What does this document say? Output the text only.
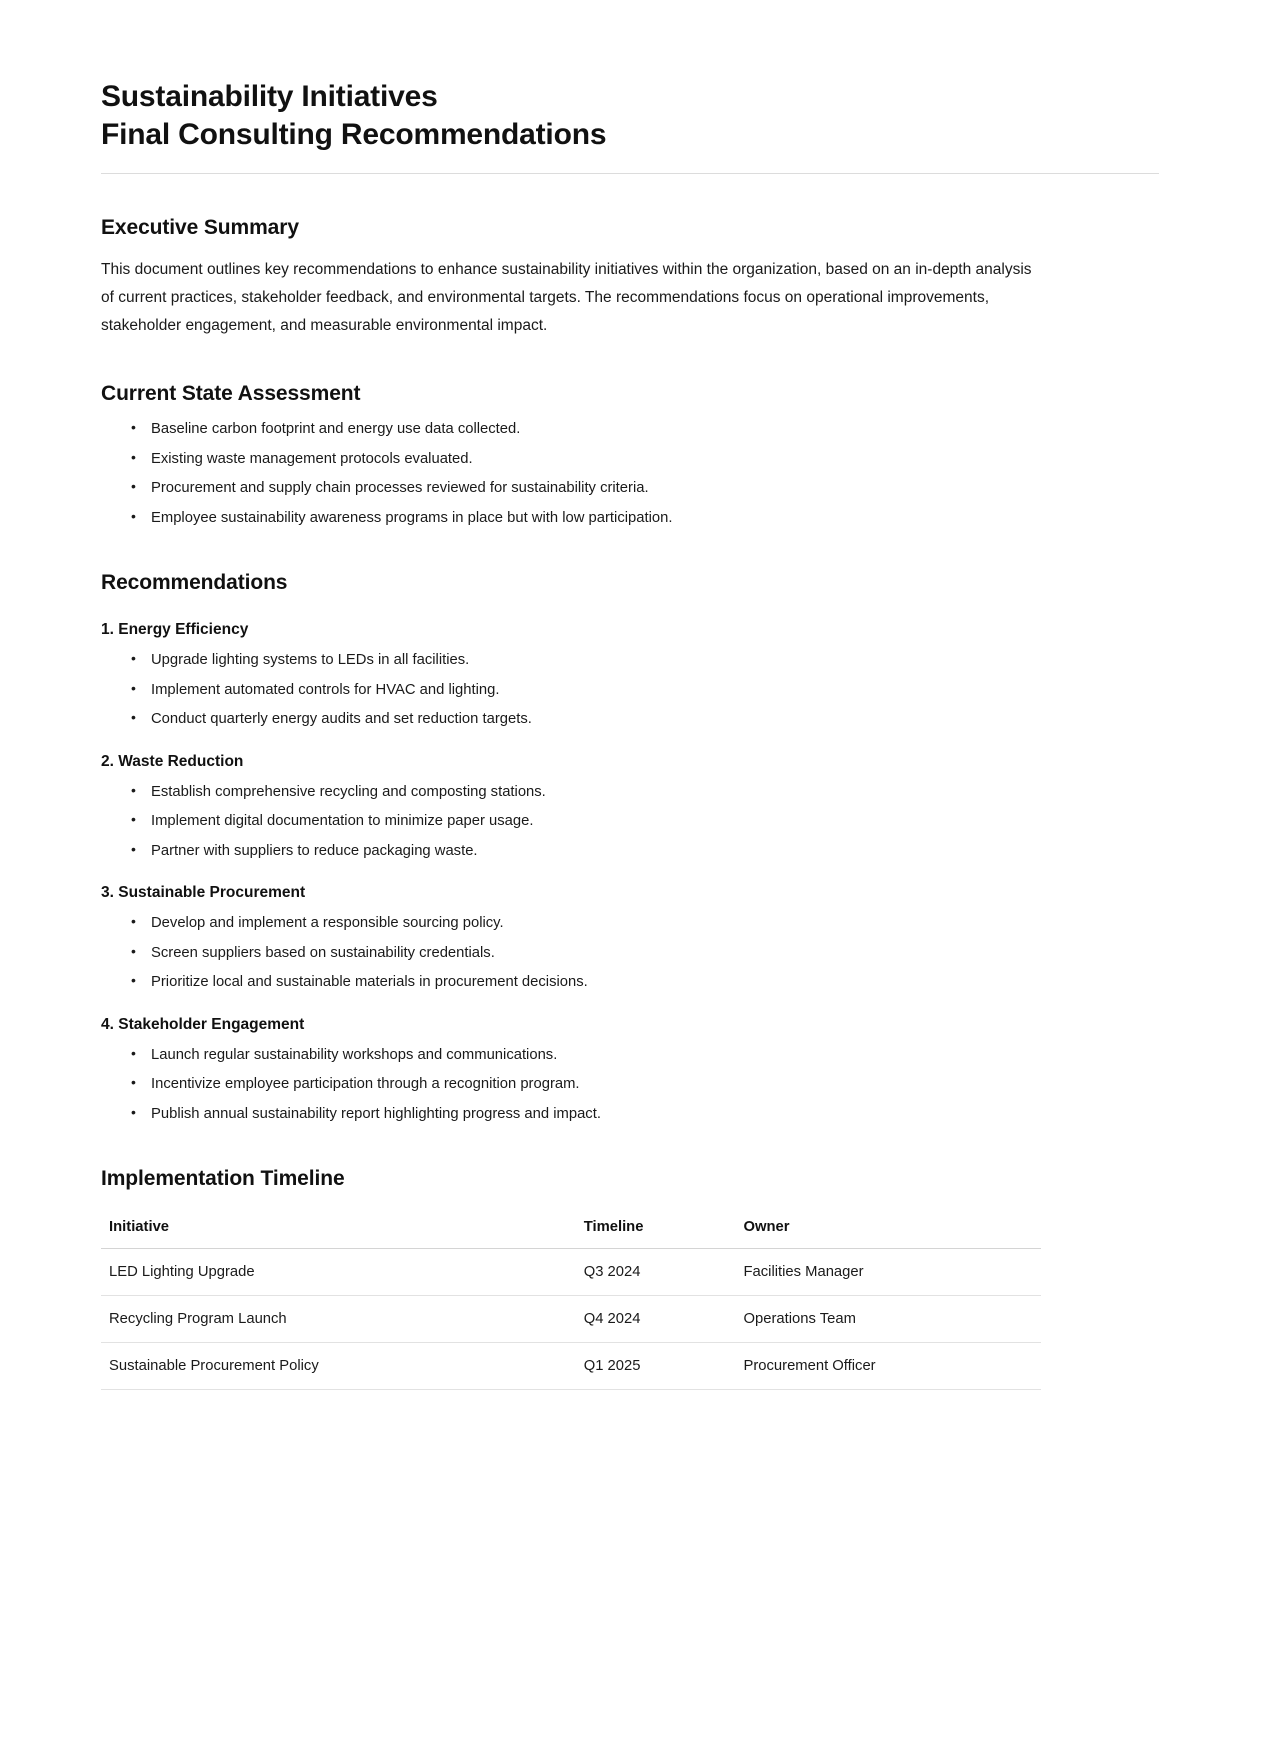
Sustainability Initiatives
Final Consulting Recommendations
Executive Summary

This document outlines key recommendations to enhance sustainability initiatives within the organization, based on an in-depth analysis of current practices, stakeholder feedback, and environmental targets. The recommendations focus on operational improvements, stakeholder engagement, and measurable environmental impact.

Current State Assessment
• Baseline carbon footprint and energy use data collected.
• Existing waste management protocols evaluated.
• Procurement and supply chain processes reviewed for sustainability criteria.
• Employee sustainability awareness programs in place but with low participation.
Recommendations
1. Energy Efficiency
• Upgrade lighting systems to LEDs in all facilities.
• Implement automated controls for HVAC and lighting.
• Conduct quarterly energy audits and set reduction targets.
2. Waste Reduction
• Establish comprehensive recycling and composting stations.
• Implement digital documentation to minimize paper usage.
• Partner with suppliers to reduce packaging waste.
3. Sustainable Procurement
• Develop and implement a responsible sourcing policy.
• Screen suppliers based on sustainability credentials.
• Prioritize local and sustainable materials in procurement decisions.
4. Stakeholder Engagement
• Launch regular sustainability workshops and communications.
• Incentivize employee participation through a recognition program.
• Publish annual sustainability report highlighting progress and impact.
Implementation Timeline
Initiative	Timeline	Owner
LED Lighting Upgrade	Q3 2024	Facilities Manager
Recycling Program Launch	Q4 2024	Operations Team
Sustainable Procurement Policy	Q1 2025	Procurement Officer
